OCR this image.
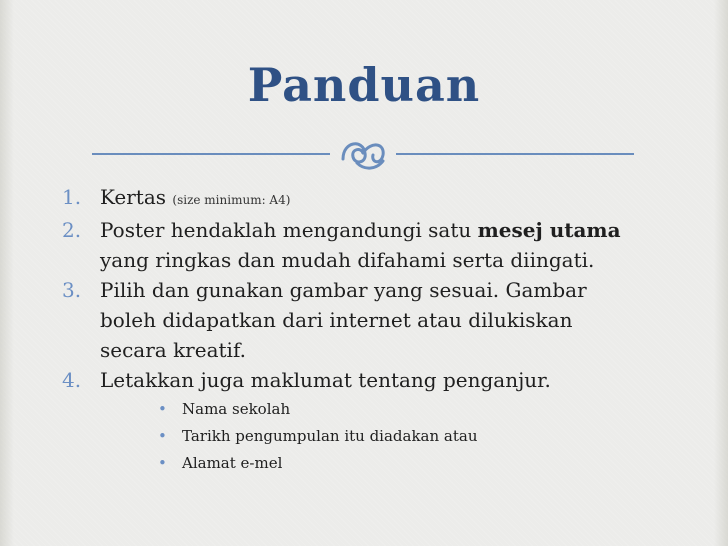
Panduan
1. Kertas (size minimum: A4)
2. Poster hendaklah mengandungi satu mesej utama
yang ringkas dan mudah difahami serta diingati.
3. Pilih dan gunakan gambar yang sesuai. Gambar
boleh didapatkan dari internet atau dilukiskan
secara kreatif.
4. Letakkan juga maklumat tentang penganjur.
• Nama sekolah
• Tarikh pengumpulan itu diadakan atau
• Alamat e-mel
